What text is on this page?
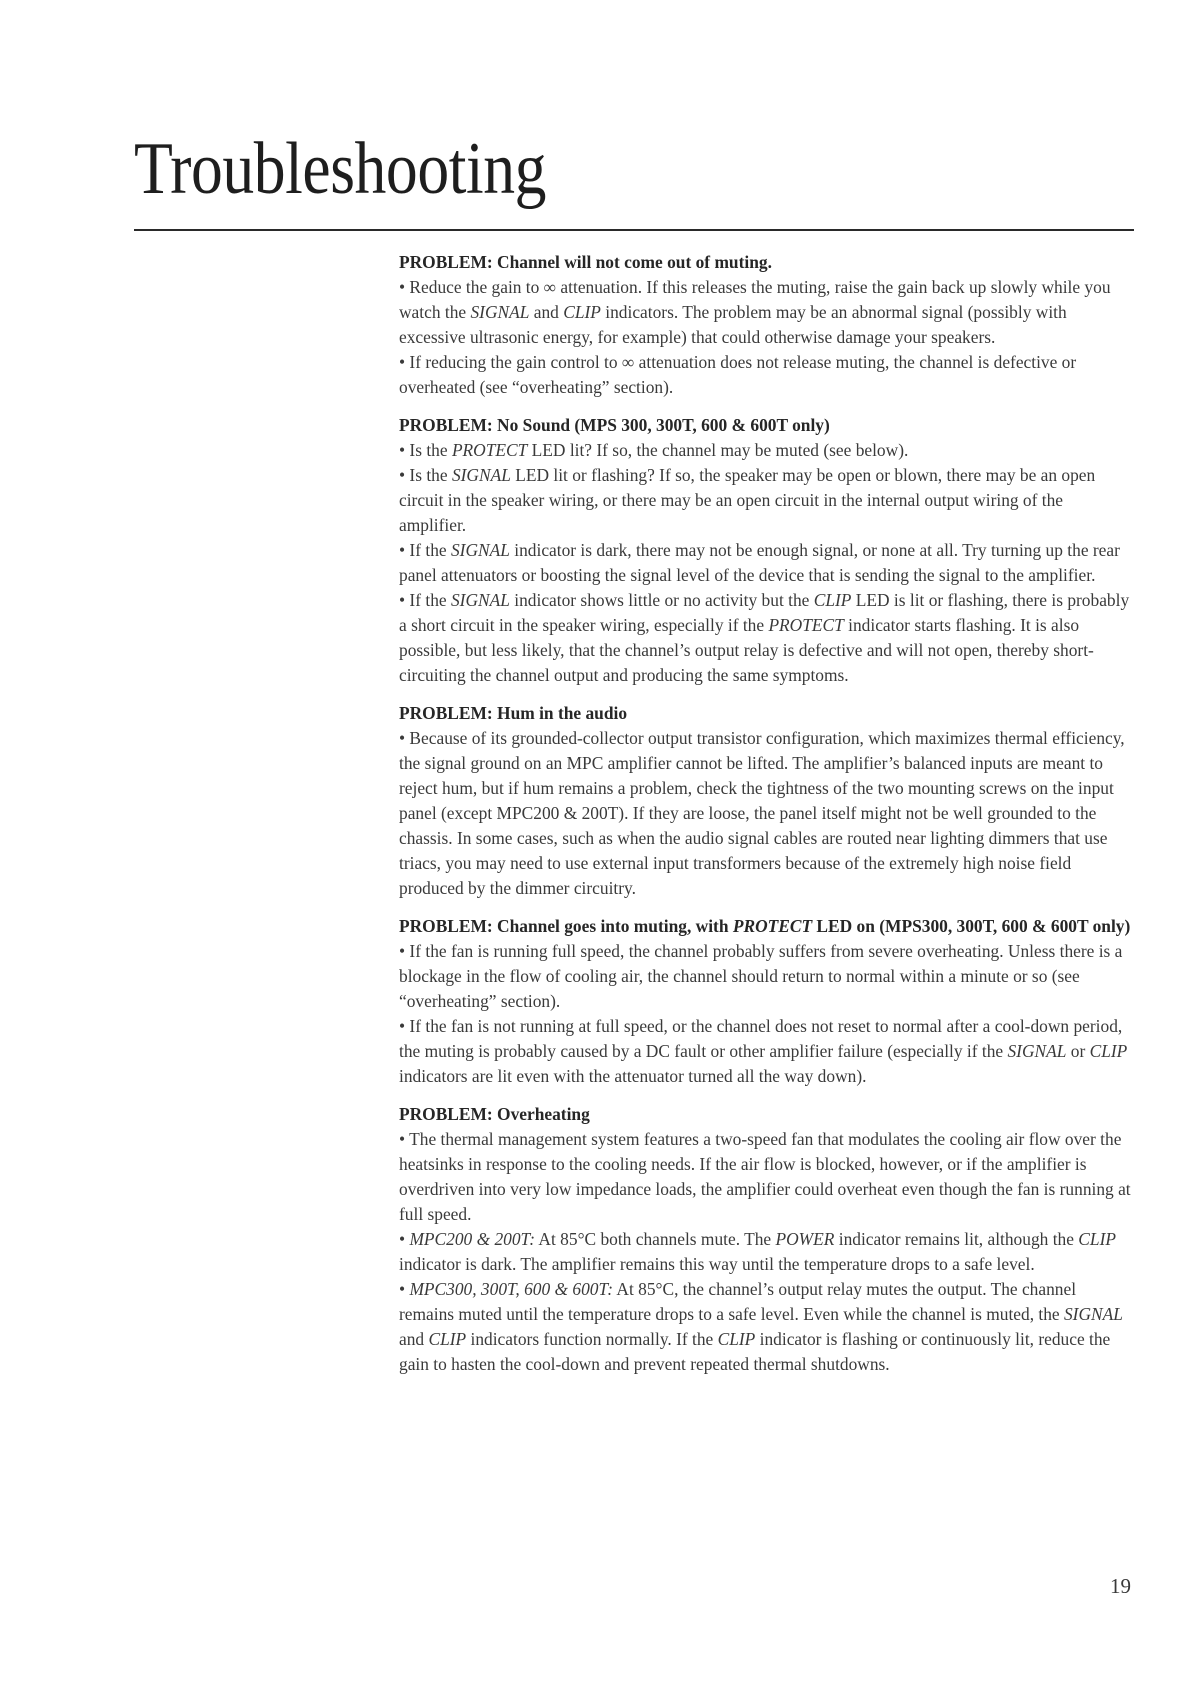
Troubleshooting

PROBLEM: Channel will not come out of muting.

• Reduce the gain to ∞ attenuation. If this releases the muting, raise the gain back up slowly while you watch the SIGNAL and CLIP indicators. The problem may be an abnormal signal (possibly with excessive ultrasonic energy, for example) that could otherwise damage your speakers.

• If reducing the gain control to ∞ attenuation does not release muting, the channel is defective or overheated (see “overheating” section).

PROBLEM: No Sound (MPS 300, 300T, 600 & 600T only)

• Is the PROTECT LED lit? If so, the channel may be muted (see below).

• Is the SIGNAL LED lit or flashing? If so, the speaker may be open or blown, there may be an open circuit in the speaker wiring, or there may be an open circuit in the internal output wiring of the amplifier.

• If the SIGNAL indicator is dark, there may not be enough signal, or none at all. Try turning up the rear panel attenuators or boosting the signal level of the device that is sending the signal to the amplifier.

• If the SIGNAL indicator shows little or no activity but the CLIP LED is lit or flashing, there is probably a short circuit in the speaker wiring, especially if the PROTECT indicator starts flashing. It is also possible, but less likely, that the channel’s output relay is defective and will not open, thereby short-circuiting the channel output and producing the same symptoms.

PROBLEM: Hum in the audio

• Because of its grounded-collector output transistor configuration, which maximizes thermal efficiency, the signal ground on an MPC amplifier cannot be lifted. The amplifier’s balanced inputs are meant to reject hum, but if hum remains a problem, check the tightness of the two mounting screws on the input panel (except MPC200 & 200T). If they are loose, the panel itself might not be well grounded to the chassis. In some cases, such as when the audio signal cables are routed near lighting dimmers that use triacs, you may need to use external input transformers because of the extremely high noise field produced by the dimmer circuitry.

PROBLEM: Channel goes into muting, with PROTECT LED on (MPS300, 300T, 600 & 600T only)

• If the fan is running full speed, the channel probably suffers from severe overheating. Unless there is a blockage in the flow of cooling air, the channel should return to normal within a minute or so (see “overheating” section).

• If the fan is not running at full speed, or the channel does not reset to normal after a cool-down period, the muting is probably caused by a DC fault or other amplifier failure (especially if the SIGNAL or CLIP indicators are lit even with the attenuator turned all the way down).

PROBLEM: Overheating

• The thermal management system features a two-speed fan that modulates the cooling air flow over the heatsinks in response to the cooling needs. If the air flow is blocked, however, or if the amplifier is overdriven into very low impedance loads, the amplifier could overheat even though the fan is running at full speed.

• MPC200 & 200T: At 85°C both channels mute. The POWER indicator remains lit, although the CLIP indicator is dark. The amplifier remains this way until the temperature drops to a safe level.

• MPC300, 300T, 600 & 600T: At 85°C, the channel’s output relay mutes the output. The channel remains muted until the temperature drops to a safe level. Even while the channel is muted, the SIGNAL and CLIP indicators function normally. If the CLIP indicator is flashing or continuously lit, reduce the gain to hasten the cool-down and prevent repeated thermal shutdowns.

19
